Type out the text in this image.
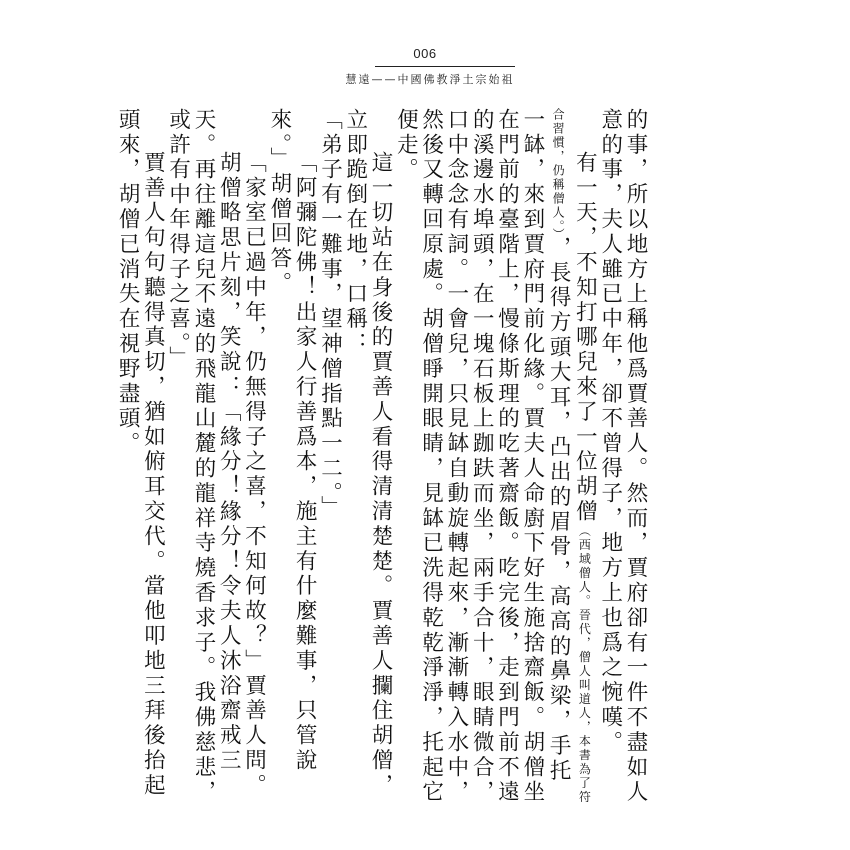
006
慧遠——中國佛教淨土宗始祖

的事，所以地方上稱他爲賈善人。然而，賈府卻有一件不盡如人意的事，夫人雖已中年，卻不曾得子，地方上也爲之惋嘆。

有一天，不知打哪兒來了一位胡僧（西域僧人。晉代，僧人叫道人，本書為了符合習慣，仍稱僧人。），長得方頭大耳，凸出的眉骨，高高的鼻梁，手托一缽，來到賈府門前化緣。賈夫人命廚下好生施捨齋飯。胡僧坐在門前的臺階上，慢條斯理的吃著齋飯。吃完後，走到門前不遠的溪邊水埠頭，在一塊石板上跏趺而坐，兩手合十，眼睛微合，口中念念有詞。一會兒，只見缽自動旋轉起來，漸漸轉入水中，然後又轉回原處。胡僧睜開眼睛，見缽已洗得乾乾淨淨，托起它便走。

這一切站在身後的賈善人看得清清楚楚。賈善人攔住胡僧，立即跪倒在地，口稱：

「弟子有一難事，望神僧指點一二。」

「阿彌陀佛！出家人行善爲本，施主有什麼難事，只管說來。」胡僧回答。

「家室已過中年，仍無得子之喜，不知何故？」賈善人問。

胡僧略思片刻，笑說：「緣分！緣分！令夫人沐浴齋戒三天。再往離這兒不遠的飛龍山麓的龍祥寺燒香求子。我佛慈悲，或許有中年得子之喜。」

賈善人句句聽得真切，猶如俯耳交代。當他叩地三拜後抬起頭來，胡僧已消失在視野盡頭。
